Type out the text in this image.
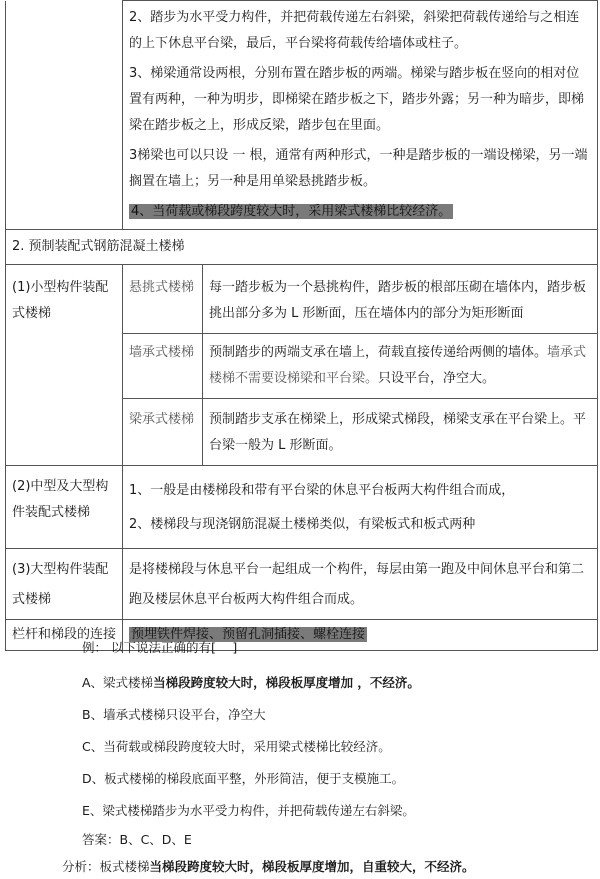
	2、踏步为水平受力构件，并把荷载传递左右斜梁，斜梁把荷载传递给与之相连的上下休息平台梁，最后，平台梁将荷载传给墙体或柱子。
3、梯梁通常设两根，分别布置在踏步板的两端。梯梁与踏步板在竖向的相对位置有两种，一种为明步，即梯梁在踏步板之下，踏步外露；另一种为暗步，即梯梁在踏步板之上，形成反梁，踏步包在里面。
3梯梁也可以只设 一 根，通常有两种形式，一种是踏步板的一端设梯梁，另一端搁置在墙上；另一种是用单梁悬挑踏步板。
4、当荷载或梯段跨度较大时，采用梁式楼梯比较经济。	

2. 预制装配式钢筋混凝土楼梯		
(1)小型构件装配式楼梯	悬挑式楼梯	每一踏步板为一个悬挑构件，踏步板的根部压砌在墙体内，踏步板挑出部分多为 L 形断面，压在墙体内的部分为矩形断面
	墙承式楼梯	预制踏步的两端支承在墙上，荷载直接传递给两侧的墙体。墙承式楼梯不需要设梯梁和平台梁。只设平台，净空大。
	梁承式楼梯	预制踏步支承在梯梁上，形成梁式梯段，梯梁支承在平台梁上。平台梁一般为 L 形断面。
(2)中型及大型构件装配式楼梯	1、一般是由楼梯段和带有平台梁的休息平台板两大构件组合而成，
2、楼梯段与现浇钢筋混凝土楼梯类似，有梁板式和板式两种	

(3)大型构件装配式楼梯	是将楼梯段与休息平台一起组成一个构件，每层由第一跑及中间休息平台和第二跑及楼层休息平台板两大构件组合而成。	
栏杆和梯段的连接	预埋铁件焊接、预留孔洞插接、螺栓连接	

例： 以下说法正确的有[　 ]

A、梁式楼梯当梯段跨度较大时，梯段板厚度增加 ，不经济。

B、墙承式楼梯只设平台，净空大

C、当荷载或梯段跨度较大时，采用梁式楼梯比较经济。

D、板式楼梯的梯段底面平整，外形简洁，便于支模施工。

E、梁式楼梯踏步为水平受力构件，并把荷载传递左右斜梁。

答案：B、C、D、E

分析：板式楼梯当梯段跨度较大时，梯段板厚度增加，自重较大，不经济。
